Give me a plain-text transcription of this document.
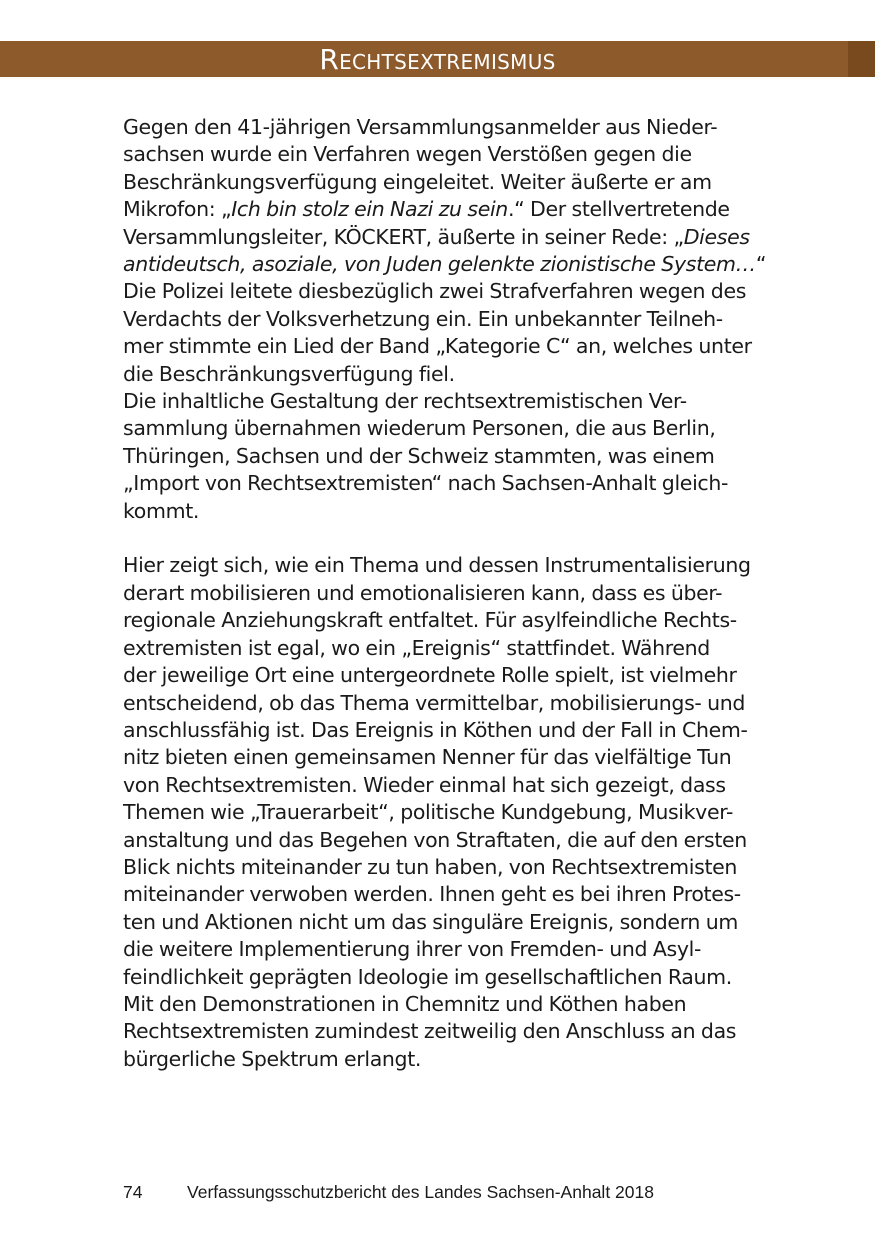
Rechtsextremismus

Gegen den 41-jährigen Versammlungsanmelder aus Nieder-
sachsen wurde ein Verfahren wegen Verstößen gegen die
Beschränkungsverfügung eingeleitet. Weiter äußerte er am
Mikrofon: „Ich bin stolz ein Nazi zu sein.“ Der stellvertretende
Versammlungsleiter, KÖCKERT, äußerte in seiner Rede: „Dieses
antideutsch, asoziale, von Juden gelenkte zionistische System…“
Die Polizei leitete diesbezüglich zwei Strafverfahren wegen des
Verdachts der Volksverhetzung ein. Ein unbekannter Teilneh-
mer stimmte ein Lied der Band „Kategorie C“ an, welches unter
die Beschränkungsverfügung fiel.
Die inhaltliche Gestaltung der rechtsextremistischen Ver-
sammlung übernahmen wiederum Personen, die aus Berlin,
Thüringen, Sachsen und der Schweiz stammten, was einem
„Import von Rechtsextremisten“ nach Sachsen-Anhalt gleich-
kommt.

Hier zeigt sich, wie ein Thema und dessen Instrumentalisierung
derart mobilisieren und emotionalisieren kann, dass es über-
regionale Anziehungskraft entfaltet. Für asylfeindliche Rechts-
extremisten ist egal, wo ein „Ereignis“ stattfindet. Während
der jeweilige Ort eine untergeordnete Rolle spielt, ist vielmehr
entscheidend, ob das Thema vermittelbar, mobilisierungs- und
anschlussfähig ist. Das Ereignis in Köthen und der Fall in Chem-
nitz bieten einen gemeinsamen Nenner für das vielfältige Tun
von Rechtsextremisten. Wieder einmal hat sich gezeigt, dass
Themen wie „Trauerarbeit“, politische Kundgebung, Musikver-
anstaltung und das Begehen von Straftaten, die auf den ersten
Blick nichts miteinander zu tun haben, von Rechtsextremisten
miteinander verwoben werden. Ihnen geht es bei ihren Protes-
ten und Aktionen nicht um das singuläre Ereignis, sondern um
die weitere Implementierung ihrer von Fremden- und Asyl-
feindlichkeit geprägten Ideologie im gesellschaftlichen Raum.
Mit den Demonstrationen in Chemnitz und Köthen haben
Rechtsextremisten zumindest zeitweilig den Anschluss an das
bürgerliche Spektrum erlangt.

74	Verfassungsschutzbericht des Landes Sachsen-Anhalt 2018
